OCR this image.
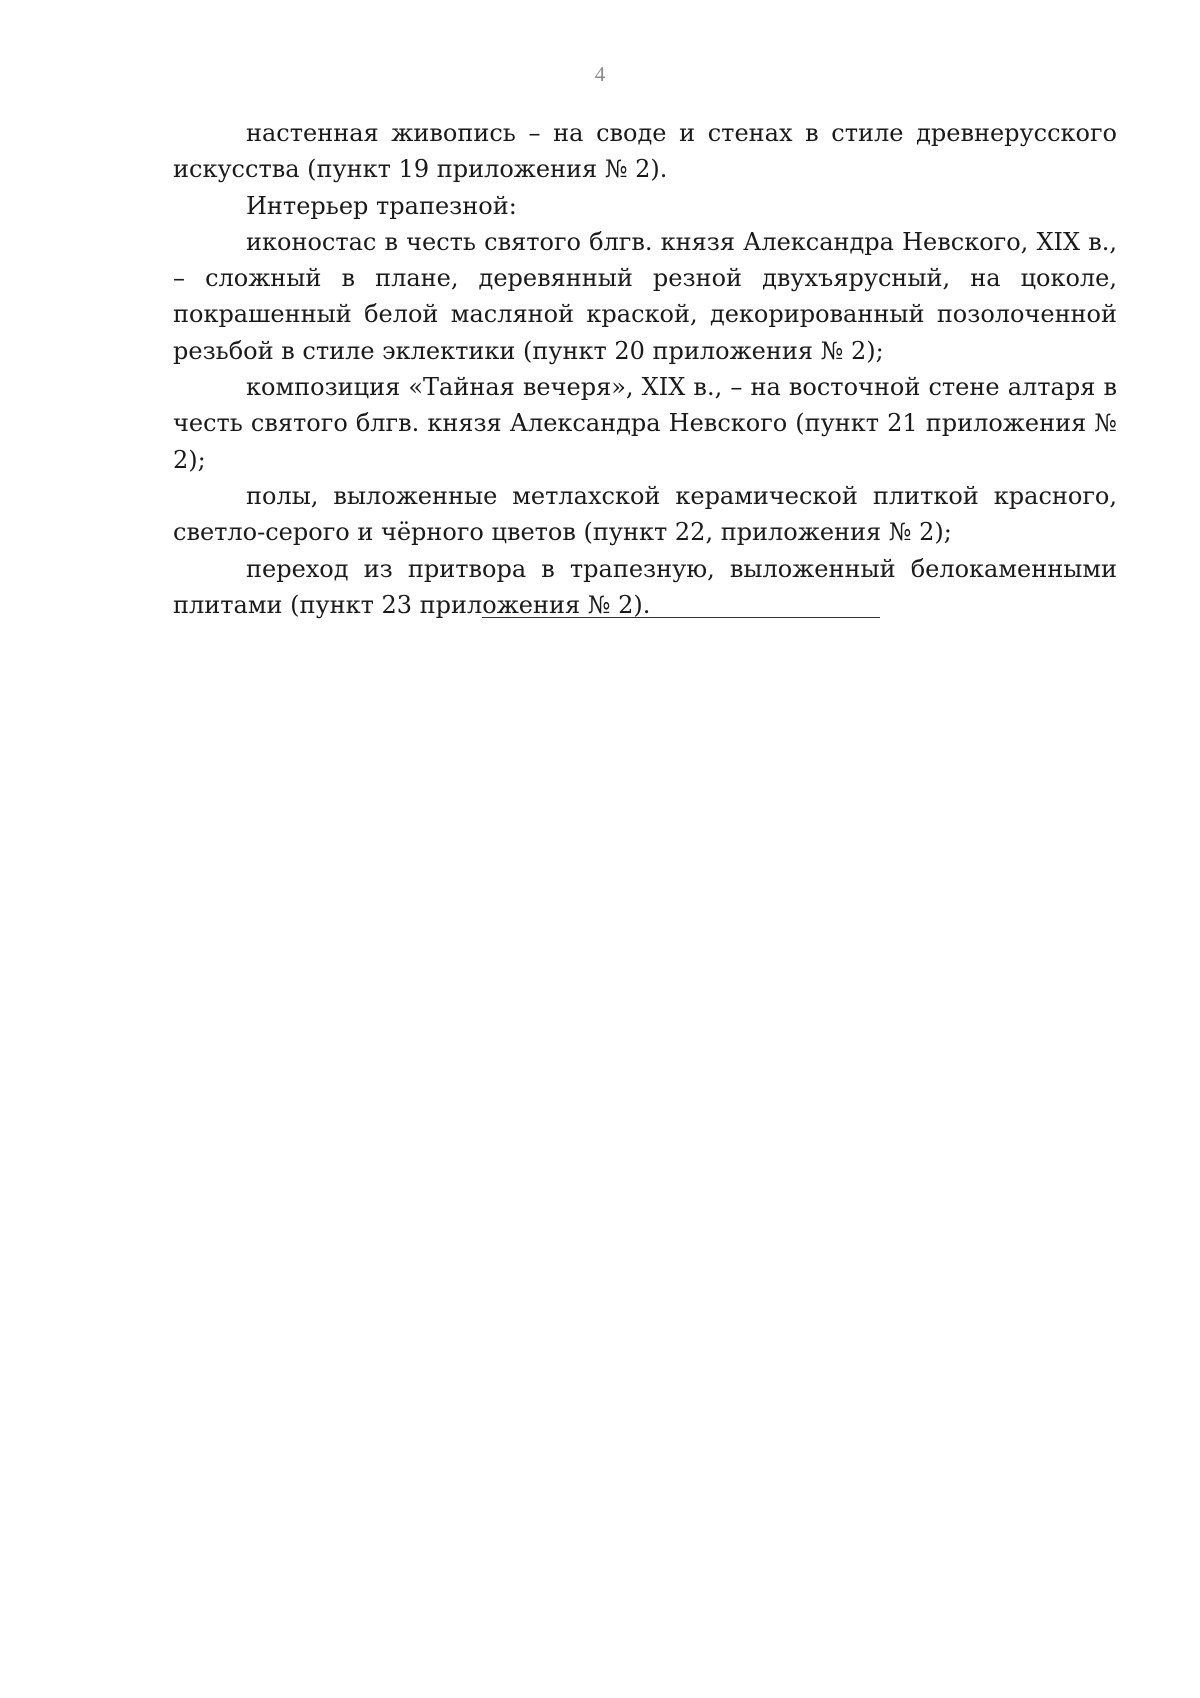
4

настенная живопись – на своде и стенах в стиле древнерусского искусства (пункт 19 приложения № 2).

Интерьер трапезной:

иконостас в честь святого блгв. князя Александра Невского, XIX в., – сложный в плане, деревянный резной двухъярусный, на цоколе, покрашенный белой масляной краской, декорированный позолоченной резьбой в стиле эклектики (пункт 20 приложения № 2);

композиция «Тайная вечеря», XIX в., – на восточной стене алтаря в честь святого блгв. князя Александра Невского (пункт 21 приложения № 2);

полы, выложенные метлахской керамической плиткой красного, светло-серого и чёрного цветов (пункт 22, приложения № 2);

переход из притвора в трапезную, выложенный белокаменными плитами (пункт 23 приложения № 2).
